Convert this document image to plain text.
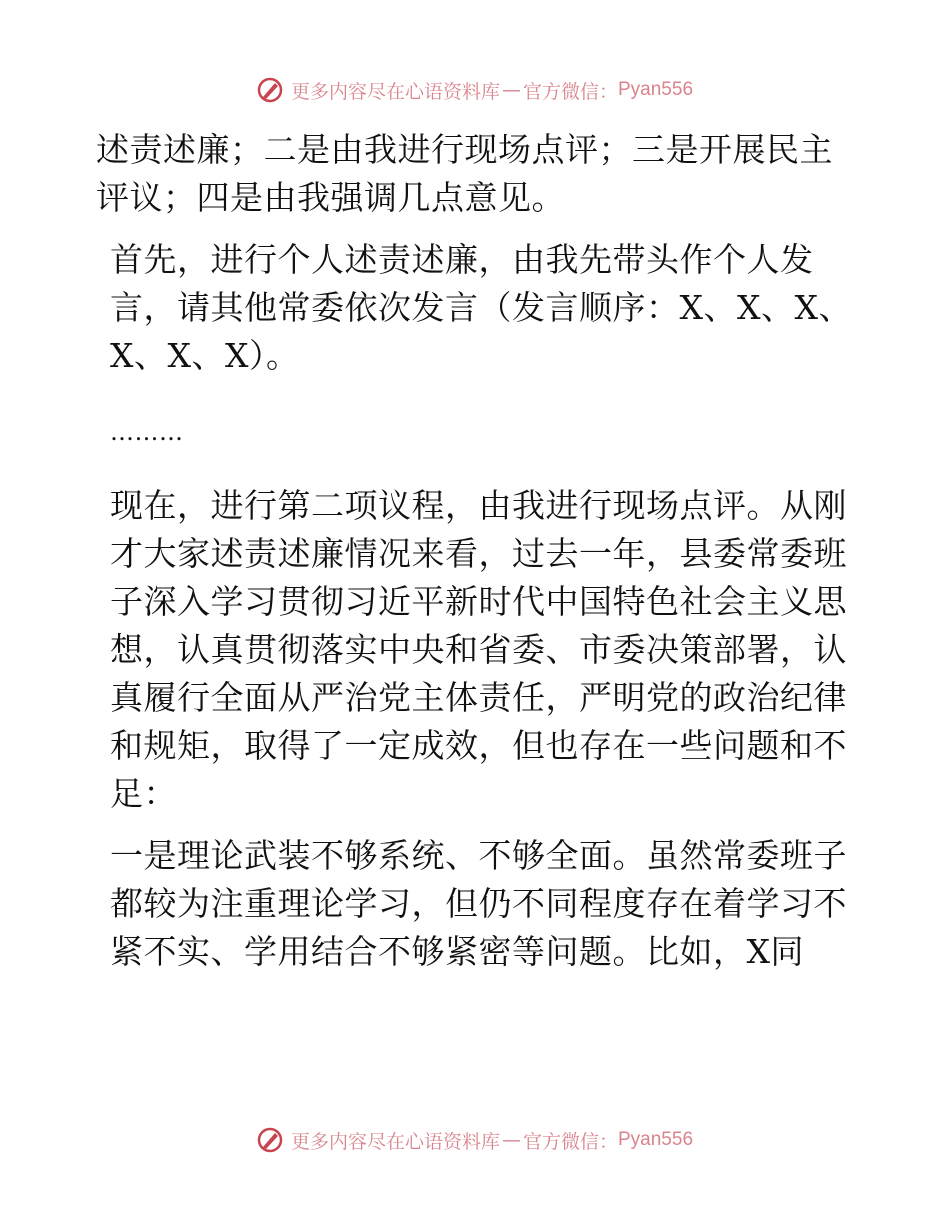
更多内容尽在心语资料库 — 官方微信： Pyan556

述责述廉；二是由我进行现场点评；三是开展民主评议；四是由我强调几点意见。

首先，进行个人述责述廉，由我先带头作个人发言，请其他常委依次发言（发言顺序：X、X、X、X、X、X）。

………

现在，进行第二项议程，由我进行现场点评。从刚才大家述责述廉情况来看，过去一年，县委常委班子深入学习贯彻习近平新时代中国特色社会主义思想，认真贯彻落实中央和省委、市委决策部署，认真履行全面从严治党主体责任，严明党的政治纪律和规矩，取得了一定成效，但也存在一些问题和不足：

一是理论武装不够系统、不够全面。虽然常委班子都较为注重理论学习，但仍不同程度存在着学习不紧不实、学用结合不够紧密等问题。比如，X同

更多内容尽在心语资料库 — 官方微信： Pyan556
